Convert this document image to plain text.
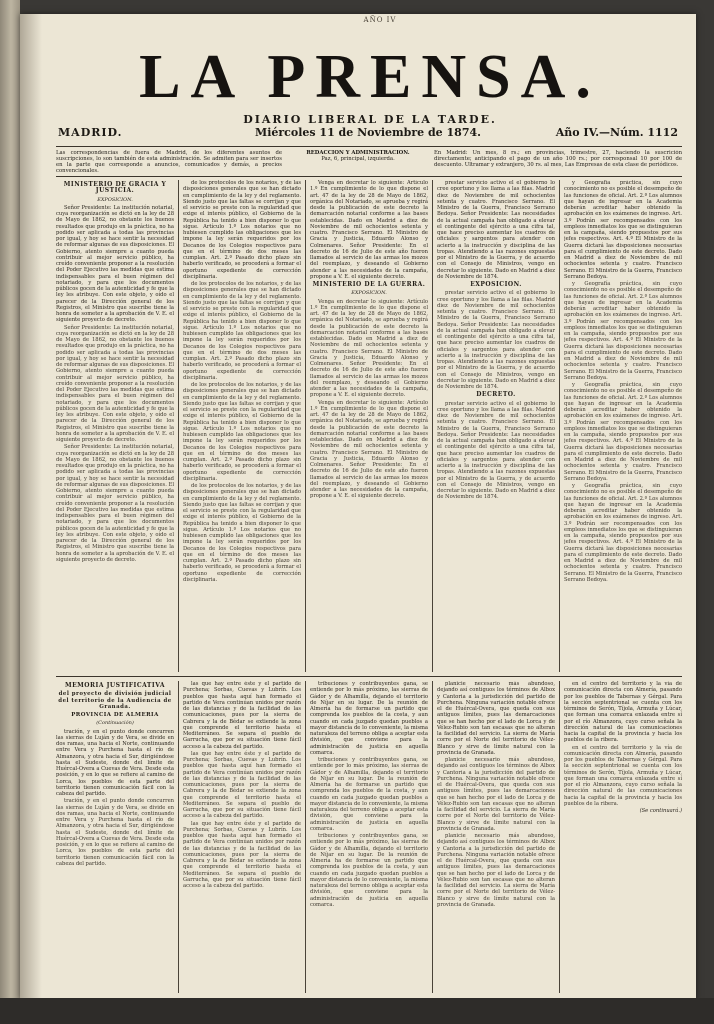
AÑO IV
LA PRENSA.
DIARIO LIBERAL DE LA TARDE.
MADRID.	Miércoles 11 de Noviembre de 1874.	Año IV.—Núm. 1112
Las correspondencias de fuera de Madrid, de los diferentes asuntos de suscripciones, lo son también de esta administración. Se admiten para ser insertos en la parte que corresponde a anuncios, comunicados y demás, a precios convencionales.
REDACCION Y ADMINISTRACION.
Paz, 6, principal, izquierda.
En Madrid: Un mes, 8 rs.; en provincias, trimestre, 27, haciendo la suscrición directamente; anticipando el pago de un año 100 rs.; por corresponsal 10 por 100 de descuento. Ultramar y extranjero, 30 rs. al mes, Las Empresas de esta clase de periódicos.
MINISTERIO DE GRACIA Y JUSTICIA.
EXPOSICION.

Señor Presidente: La institución notarial, cuya reorganización se dictó en la ley de 28 de Mayo de 1862, no obstante los buenos resultados que produjo en la práctica, no ha podido ser aplicada a todas las provincias por igual, y hoy se hace sentir la necesidad de reformar algunas de sus disposiciones. El Gobierno, atento siempre a cuanto pueda contribuir al mejor servicio público, ha creído conveniente proponer a la resolución del Poder Ejecutivo las medidas que estima indispensables para el buen régimen del notariado, y para que los documentos públicos gocen de la autenticidad y fe que la ley les atribuye. Con este objeto, y oído el parecer de la Dirección general de los Registros, el Ministro que suscribe tiene la honra de someter a la aprobación de V. E. el siguiente proyecto de decreto.

Señor Presidente: La institución notarial, cuya reorganización se dictó en la ley de 28 de Mayo de 1862, no obstante los buenos resultados que produjo en la práctica, no ha podido ser aplicada a todas las provincias por igual, y hoy se hace sentir la necesidad de reformar algunas de sus disposiciones. El Gobierno, atento siempre a cuanto pueda contribuir al mejor servicio público, ha creído conveniente proponer a la resolución del Poder Ejecutivo las medidas que estima indispensables para el buen régimen del notariado, y para que los documentos públicos gocen de la autenticidad y fe que la ley les atribuye. Con este objeto, y oído el parecer de la Dirección general de los Registros, el Ministro que suscribe tiene la honra de someter a la aprobación de V. E. el siguiente proyecto de decreto.

Señor Presidente: La institución notarial, cuya reorganización se dictó en la ley de 28 de Mayo de 1862, no obstante los buenos resultados que produjo en la práctica, no ha podido ser aplicada a todas las provincias por igual, y hoy se hace sentir la necesidad de reformar algunas de sus disposiciones. El Gobierno, atento siempre a cuanto pueda contribuir al mejor servicio público, ha creído conveniente proponer a la resolución del Poder Ejecutivo las medidas que estima indispensables para el buen régimen del notariado, y para que los documentos públicos gocen de la autenticidad y fe que la ley les atribuye. Con este objeto, y oído el parecer de la Dirección general de los Registros, el Ministro que suscribe tiene la honra de someter a la aprobación de V. E. el siguiente proyecto de decreto.

de los protocolos de los notarios, y de las disposiciones generales que se han dictado en cumplimiento de la ley y del reglamento. Siendo justo que las faltas se corrijan y que el servicio se preste con la regularidad que exige el interés público, el Gobierno de la República ha tenido a bien disponer lo que sigue. Artículo 1.º Los notarios que no hubiesen cumplido las obligaciones que les impone la ley serán requeridos por los Decanos de los Colegios respectivos para que en el término de dos meses las cumplan. Art. 2.º Pasado dicho plazo sin haberlo verificado, se procederá a formar el oportuno expediente de corrección disciplinaria.

de los protocolos de los notarios, y de las disposiciones generales que se han dictado en cumplimiento de la ley y del reglamento. Siendo justo que las faltas se corrijan y que el servicio se preste con la regularidad que exige el interés público, el Gobierno de la República ha tenido a bien disponer lo que sigue. Artículo 1.º Los notarios que no hubiesen cumplido las obligaciones que les impone la ley serán requeridos por los Decanos de los Colegios respectivos para que en el término de dos meses las cumplan. Art. 2.º Pasado dicho plazo sin haberlo verificado, se procederá a formar el oportuno expediente de corrección disciplinaria.

de los protocolos de los notarios, y de las disposiciones generales que se han dictado en cumplimiento de la ley y del reglamento. Siendo justo que las faltas se corrijan y que el servicio se preste con la regularidad que exige el interés público, el Gobierno de la República ha tenido a bien disponer lo que sigue. Artículo 1.º Los notarios que no hubiesen cumplido las obligaciones que les impone la ley serán requeridos por los Decanos de los Colegios respectivos para que en el término de dos meses las cumplan. Art. 2.º Pasado dicho plazo sin haberlo verificado, se procederá a formar el oportuno expediente de corrección disciplinaria.

de los protocolos de los notarios, y de las disposiciones generales que se han dictado en cumplimiento de la ley y del reglamento. Siendo justo que las faltas se corrijan y que el servicio se preste con la regularidad que exige el interés público, el Gobierno de la República ha tenido a bien disponer lo que sigue. Artículo 1.º Los notarios que no hubiesen cumplido las obligaciones que les impone la ley serán requeridos por los Decanos de los Colegios respectivos para que en el término de dos meses las cumplan. Art. 2.º Pasado dicho plazo sin haberlo verificado, se procederá a formar el oportuno expediente de corrección disciplinaria.

Venga en decretar lo siguiente: Artículo 1.º En cumplimiento de lo que dispone el art. 47 de la ley de 28 de Mayo de 1862, orgánica del Notariado, se aprueba y regirá desde la publicación de este decreto la demarcación notarial conforme a las bases establecidas. Dado en Madrid a diez de Noviembre de mil ochocientos setenta y cuatro. Francisco Serrano. El Ministro de Gracia y Justicia, Eduardo Alonso y Colmenares. Señor Presidente: En el decreto de 16 de Julio de este año fueron llamados al servicio de las armas los mozos del reemplazo, y deseando el Gobierno atender a las necesidades de la campaña, propone a V. E. el siguiente decreto.

MINISTERIO DE LA GUERRA.
EXPOSICION.

Venga en decretar lo siguiente: Artículo 1.º En cumplimiento de lo que dispone el art. 47 de la ley de 28 de Mayo de 1862, orgánica del Notariado, se aprueba y regirá desde la publicación de este decreto la demarcación notarial conforme a las bases establecidas. Dado en Madrid a diez de Noviembre de mil ochocientos setenta y cuatro. Francisco Serrano. El Ministro de Gracia y Justicia, Eduardo Alonso y Colmenares. Señor Presidente: En el decreto de 16 de Julio de este año fueron llamados al servicio de las armas los mozos del reemplazo, y deseando el Gobierno atender a las necesidades de la campaña, propone a V. E. el siguiente decreto.

Venga en decretar lo siguiente: Artículo 1.º En cumplimiento de lo que dispone el art. 47 de la ley de 28 de Mayo de 1862, orgánica del Notariado, se aprueba y regirá desde la publicación de este decreto la demarcación notarial conforme a las bases establecidas. Dado en Madrid a diez de Noviembre de mil ochocientos setenta y cuatro. Francisco Serrano. El Ministro de Gracia y Justicia, Eduardo Alonso y Colmenares. Señor Presidente: En el decreto de 16 de Julio de este año fueron llamados al servicio de las armas los mozos del reemplazo, y deseando el Gobierno atender a las necesidades de la campaña, propone a V. E. el siguiente decreto.

prestar servicio activo el el gobierno lo cree oportuno y los llama a las filas. Madrid diez de Noviembre de mil ochocientos setenta y cuatro. Francisco Serrano. El Ministro de la Guerra, Francisco Serrano Bedoya. Señor Presidente: Las necesidades de la actual campaña han obligado a elevar el contingente del ejército a una cifra tal, que hace preciso aumentar los cuadros de oficiales y sargentos para atender con acierto a la instrucción y disciplina de las tropas. Atendiendo a las razones expuestas por el Ministro de la Guerra, y de acuerdo con el Consejo de Ministros, vengo en decretar lo siguiente. Dado en Madrid a diez de Noviembre de 1874.

EXPOSICION.

prestar servicio activo el el gobierno lo cree oportuno y los llama a las filas. Madrid diez de Noviembre de mil ochocientos setenta y cuatro. Francisco Serrano. El Ministro de la Guerra, Francisco Serrano Bedoya. Señor Presidente: Las necesidades de la actual campaña han obligado a elevar el contingente del ejército a una cifra tal, que hace preciso aumentar los cuadros de oficiales y sargentos para atender con acierto a la instrucción y disciplina de las tropas. Atendiendo a las razones expuestas por el Ministro de la Guerra, y de acuerdo con el Consejo de Ministros, vengo en decretar lo siguiente. Dado en Madrid a diez de Noviembre de 1874.

DECRETO.

prestar servicio activo el el gobierno lo cree oportuno y los llama a las filas. Madrid diez de Noviembre de mil ochocientos setenta y cuatro. Francisco Serrano. El Ministro de la Guerra, Francisco Serrano Bedoya. Señor Presidente: Las necesidades de la actual campaña han obligado a elevar el contingente del ejército a una cifra tal, que hace preciso aumentar los cuadros de oficiales y sargentos para atender con acierto a la instrucción y disciplina de las tropas. Atendiendo a las razones expuestas por el Ministro de la Guerra, y de acuerdo con el Consejo de Ministros, vengo en decretar lo siguiente. Dado en Madrid a diez de Noviembre de 1874.

y Geografía práctica, sin cuyo conocimiento no es posible el desempeño de las funciones de oficial. Art. 2.º Los alumnos que hayan de ingresar en la Academia deberán acreditar haber obtenido la aprobación en los exámenes de ingreso. Art. 3.º Podrán ser recompensados con los empleos inmediatos los que se distinguieran en la campaña, siendo propuestos por sus jefes respectivos. Art. 4.º El Ministro de la Guerra dictará las disposiciones necesarias para el cumplimiento de este decreto. Dado en Madrid a diez de Noviembre de mil ochocientos setenta y cuatro. Francisco Serrano. El Ministro de la Guerra, Francisco Serrano Bedoya.

y Geografía práctica, sin cuyo conocimiento no es posible el desempeño de las funciones de oficial. Art. 2.º Los alumnos que hayan de ingresar en la Academia deberán acreditar haber obtenido la aprobación en los exámenes de ingreso. Art. 3.º Podrán ser recompensados con los empleos inmediatos los que se distinguieran en la campaña, siendo propuestos por sus jefes respectivos. Art. 4.º El Ministro de la Guerra dictará las disposiciones necesarias para el cumplimiento de este decreto. Dado en Madrid a diez de Noviembre de mil ochocientos setenta y cuatro. Francisco Serrano. El Ministro de la Guerra, Francisco Serrano Bedoya.

y Geografía práctica, sin cuyo conocimiento no es posible el desempeño de las funciones de oficial. Art. 2.º Los alumnos que hayan de ingresar en la Academia deberán acreditar haber obtenido la aprobación en los exámenes de ingreso. Art. 3.º Podrán ser recompensados con los empleos inmediatos los que se distinguieran en la campaña, siendo propuestos por sus jefes respectivos. Art. 4.º El Ministro de la Guerra dictará las disposiciones necesarias para el cumplimiento de este decreto. Dado en Madrid a diez de Noviembre de mil ochocientos setenta y cuatro. Francisco Serrano. El Ministro de la Guerra, Francisco Serrano Bedoya.

y Geografía práctica, sin cuyo conocimiento no es posible el desempeño de las funciones de oficial. Art. 2.º Los alumnos que hayan de ingresar en la Academia deberán acreditar haber obtenido la aprobación en los exámenes de ingreso. Art. 3.º Podrán ser recompensados con los empleos inmediatos los que se distinguieran en la campaña, siendo propuestos por sus jefes respectivos. Art. 4.º El Ministro de la Guerra dictará las disposiciones necesarias para el cumplimiento de este decreto. Dado en Madrid a diez de Noviembre de mil ochocientos setenta y cuatro. Francisco Serrano. El Ministro de la Guerra, Francisco Serrano Bedoya.

MEMORIA JUSTIFICATIVA
del proyecto de división judicial del territorio de la Audiencia de Granada.
PROVINCIA DE ALMERIA
(Continuación)

tración, y en el punto donde concurren las sierras de Luján y de Vera, se divide en dos ramas, una hacia el Norte, continuando entre Vera y Purchena hasta el río de Almanzora, y otra hacia el Sur, dirigiéndose hasta el Sudeste, donde del límite de Huércal-Overa a Cuevas de Vera. Desde esta posición, y en lo que se refiere al camino de Lorca, los pueblos de esta parte del territorio tienen comunicación fácil con la cabeza del partido.

tración, y en el punto donde concurren las sierras de Luján y de Vera, se divide en dos ramas, una hacia el Norte, continuando entre Vera y Purchena hasta el río de Almanzora, y otra hacia el Sur, dirigiéndose hasta el Sudeste, donde del límite de Huércal-Overa a Cuevas de Vera. Desde esta posición, y en lo que se refiere al camino de Lorca, los pueblos de esta parte del territorio tienen comunicación fácil con la cabeza del partido.

las que hay entre éste y el partido de Purchena; Sorbas, Cuevas y Lubrín. Los pueblos que hasta aquí han formado el partido de Vera continúan unidos por razón de las distancias y de la facilidad de las comunicaciones, pues por la sierra de Cabrera y la de Bédar se extiende la zona que comprende el territorio hasta el Mediterráneo. Se separa el pueblo de Garrucha, que por su situación tiene fácil acceso a la cabeza del partido.

las que hay entre éste y el partido de Purchena; Sorbas, Cuevas y Lubrín. Los pueblos que hasta aquí han formado el partido de Vera continúan unidos por razón de las distancias y de la facilidad de las comunicaciones, pues por la sierra de Cabrera y la de Bédar se extiende la zona que comprende el territorio hasta el Mediterráneo. Se separa el pueblo de Garrucha, que por su situación tiene fácil acceso a la cabeza del partido.

las que hay entre éste y el partido de Purchena; Sorbas, Cuevas y Lubrín. Los pueblos que hasta aquí han formado el partido de Vera continúan unidos por razón de las distancias y de la facilidad de las comunicaciones, pues por la sierra de Cabrera y la de Bédar se extiende la zona que comprende el territorio hasta el Mediterráneo. Se separa el pueblo de Garrucha, que por su situación tiene fácil acceso a la cabeza del partido.

tribuciones y contribuyentes gana, se entiende por lo más próximo, las sierras de Gádor y de Alhamilla, dejando el territorio de Níjar en su lugar. De la reunión de Almería ha de formarse un partido que comprenda los pueblos de la costa, y aun cuando en cada juzgado quedan pueblos a mayor distancia de lo conveniente, la misma naturaleza del terreno obliga a aceptar esta división, que conviene para la administración de justicia en aquella comarca.

tribuciones y contribuyentes gana, se entiende por lo más próximo, las sierras de Gádor y de Alhamilla, dejando el territorio de Níjar en su lugar. De la reunión de Almería ha de formarse un partido que comprenda los pueblos de la costa, y aun cuando en cada juzgado quedan pueblos a mayor distancia de lo conveniente, la misma naturaleza del terreno obliga a aceptar esta división, que conviene para la administración de justicia en aquella comarca.

tribuciones y contribuyentes gana, se entiende por lo más próximo, las sierras de Gádor y de Alhamilla, dejando el territorio de Níjar en su lugar. De la reunión de Almería ha de formarse un partido que comprenda los pueblos de la costa, y aun cuando en cada juzgado quedan pueblos a mayor distancia de lo conveniente, la misma naturaleza del terreno obliga a aceptar esta división, que conviene para la administración de justicia en aquella comarca.

planicie necesario más abundoso, dejando así contiguos los términos de Albox y Cantoria a la jurisdicción del partido de Purchena. Ninguna variación notable ofrece el de Huércal-Overa, que queda con sus antiguos límites, pues las demarcaciones que se han hecho por el lado de Lorca y de Vélez-Rubio son tan escasas que no alteran la facilidad del servicio. La sierra de María corre por el Norte del territorio de Vélez-Blanco y sirve de límite natural con la provincia de Granada.

planicie necesario más abundoso, dejando así contiguos los términos de Albox y Cantoria a la jurisdicción del partido de Purchena. Ninguna variación notable ofrece el de Huércal-Overa, que queda con sus antiguos límites, pues las demarcaciones que se han hecho por el lado de Lorca y de Vélez-Rubio son tan escasas que no alteran la facilidad del servicio. La sierra de María corre por el Norte del territorio de Vélez-Blanco y sirve de límite natural con la provincia de Granada.

planicie necesario más abundoso, dejando así contiguos los términos de Albox y Cantoria a la jurisdicción del partido de Purchena. Ninguna variación notable ofrece el de Huércal-Overa, que queda con sus antiguos límites, pues las demarcaciones que se han hecho por el lado de Lorca y de Vélez-Rubio son tan escasas que no alteran la facilidad del servicio. La sierra de María corre por el Norte del territorio de Vélez-Blanco y sirve de límite natural con la provincia de Granada.

en el centro del territorio y la vía de comunicación directa con Almería, pasando por los pueblos de Tabernas y Gérgal. Para la sección septentrional se cuenta con los términos de Serón, Tíjola, Armuña y Lúcar, que forman una comarca enlazada entre sí por el río Almanzora, cuyo curso señala la dirección natural de las comunicaciones hacia la capital de la provincia y hacia los pueblos de la ribera.

en el centro del territorio y la vía de comunicación directa con Almería, pasando por los pueblos de Tabernas y Gérgal. Para la sección septentrional se cuenta con los términos de Serón, Tíjola, Armuña y Lúcar, que forman una comarca enlazada entre sí por el río Almanzora, cuyo curso señala la dirección natural de las comunicaciones hacia la capital de la provincia y hacia los pueblos de la ribera.

(Se continuará.)
